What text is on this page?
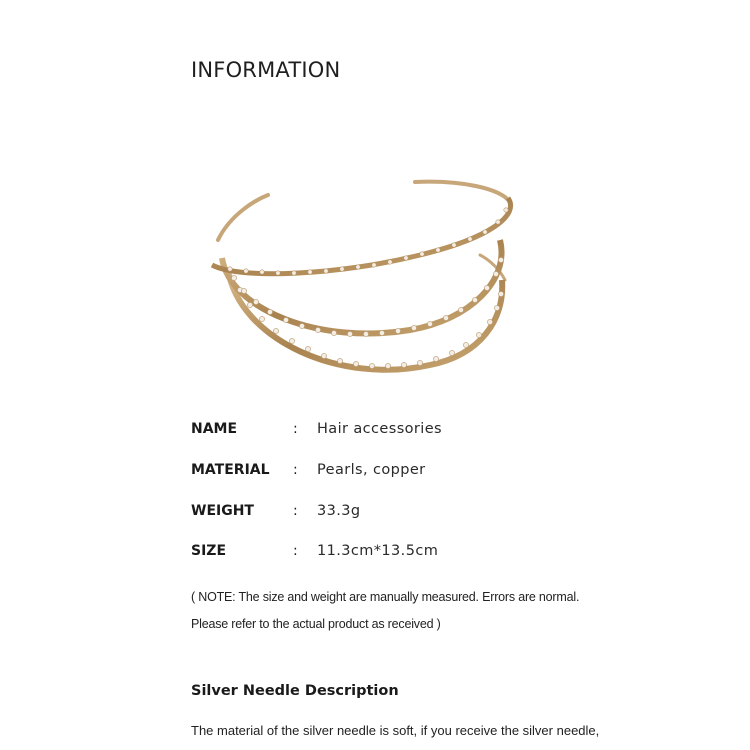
INFORMATION
NAME	: Hair accessories
MATERIAL : Pearls, copper
WEIGHT	: 33.3g
SIZE	: 11.3cm*13.5cm
( NOTE: The size and weight are manually measured. Errors are normal.
Please refer to the actual product as received )
Silver Needle Description
The material of the silver needle is soft, if you receive the silver needle,
